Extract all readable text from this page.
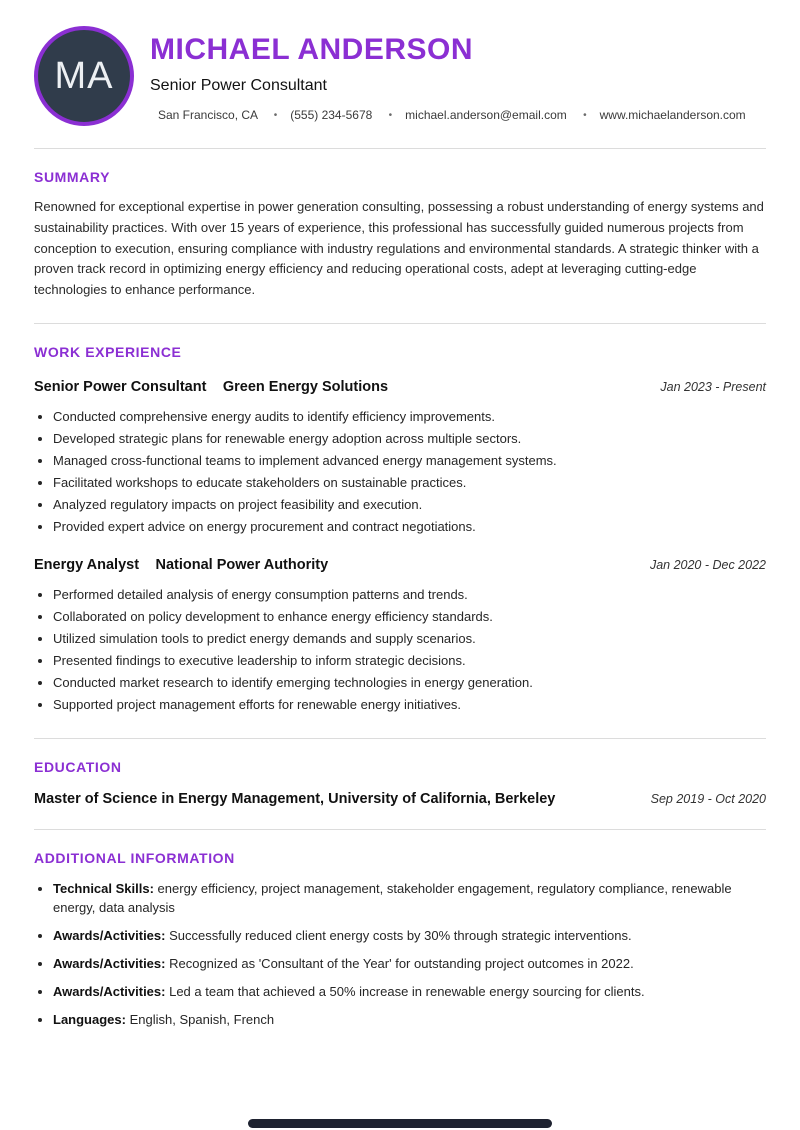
MA
MICHAEL ANDERSON
Senior Power Consultant
San Francisco, CA	• (555) 234-5678	• michael.anderson@email.com	• www.michaelanderson.com
SUMMARY

Renowned for exceptional expertise in power generation consulting, possessing a robust understanding of energy systems and sustainability practices. With over 15 years of experience, this professional has successfully guided numerous projects from conception to execution, ensuring compliance with industry regulations and environmental standards. A strategic thinker with a proven track record in optimizing energy efficiency and reducing operational costs, adept at leveraging cutting-edge technologies to enhance performance.

WORK EXPERIENCE
Senior Power Consultant Green Energy Solutions	Jan 2023 - Present
• Conducted comprehensive energy audits to identify efficiency improvements.
• Developed strategic plans for renewable energy adoption across multiple sectors.
• Managed cross-functional teams to implement advanced energy management systems.
• Facilitated workshops to educate stakeholders on sustainable practices.
• Analyzed regulatory impacts on project feasibility and execution.
• Provided expert advice on energy procurement and contract negotiations.
Energy Analyst National Power Authority	Jan 2020 - Dec 2022
• Performed detailed analysis of energy consumption patterns and trends.
• Collaborated on policy development to enhance energy efficiency standards.
• Utilized simulation tools to predict energy demands and supply scenarios.
• Presented findings to executive leadership to inform strategic decisions.
• Conducted market research to identify emerging technologies in energy generation.
• Supported project management efforts for renewable energy initiatives.
EDUCATION
Master of Science in Energy Management, University of California, Berkeley	Sep 2019 - Oct 2020
ADDITIONAL INFORMATION
• Technical Skills: energy efficiency, project management, stakeholder engagement, regulatory compliance, renewable energy, data analysis
• Awards/Activities: Successfully reduced client energy costs by 30% through strategic interventions.
• Awards/Activities: Recognized as 'Consultant of the Year' for outstanding project outcomes in 2022.
• Awards/Activities: Led a team that achieved a 50% increase in renewable energy sourcing for clients.
• Languages: English, Spanish, French
